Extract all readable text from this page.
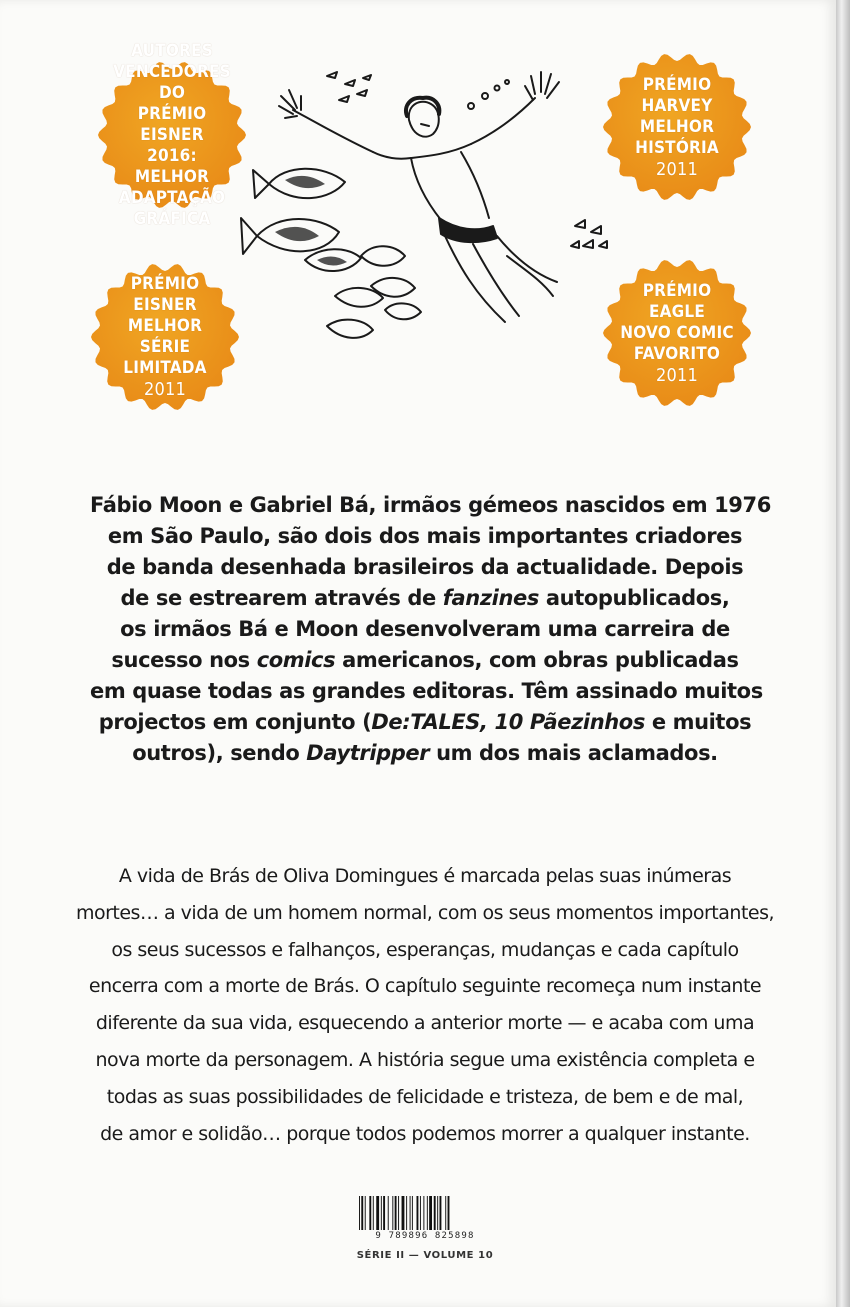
AUTORES
VENCEDORES DO
PRÉMIO EISNER
2016: MELHOR
ADAPTAÇÃO
GRÁFICA
PRÉMIO
HARVEY
MELHOR
HISTÓRIA
2011
PRÉMIO
EISNER
MELHOR SÉRIE
LIMITADA
2011
PRÉMIO
EAGLE
NOVO COMIC
FAVORITO
2011
Fábio Moon e Gabriel Bá, irmãos gémeos nascidos em 1976
em São Paulo, são dois dos mais importantes criadores
de banda desenhada brasileiros da actualidade. Depois
de se estrearem através de fanzines autopublicados,
os irmãos Bá e Moon desenvolveram uma carreira de
sucesso nos comics americanos, com obras publicadas
em quase todas as grandes editoras. Têm assinado muitos
projectos em conjunto (De:TALES, 10 Pãezinhos e muitos
outros), sendo Daytripper um dos mais aclamados.
A vida de Brás de Oliva Domingues é marcada pelas suas inúmeras
mortes… a vida de um homem normal, com os seus momentos importantes,
os seus sucessos e falhanços, esperanças, mudanças e cada capítulo
encerra com a morte de Brás. O capítulo seguinte recomeça num instante
diferente da sua vida, esquecendo a anterior morte — e acaba com uma
nova morte da personagem. A história segue uma existência completa e
todas as suas possibilidades de felicidade e tristeza, de bem e de mal,
de amor e solidão… porque todos podemos morrer a qualquer instante.
9 789896 825898
SÉRIE II — VOLUME 10
